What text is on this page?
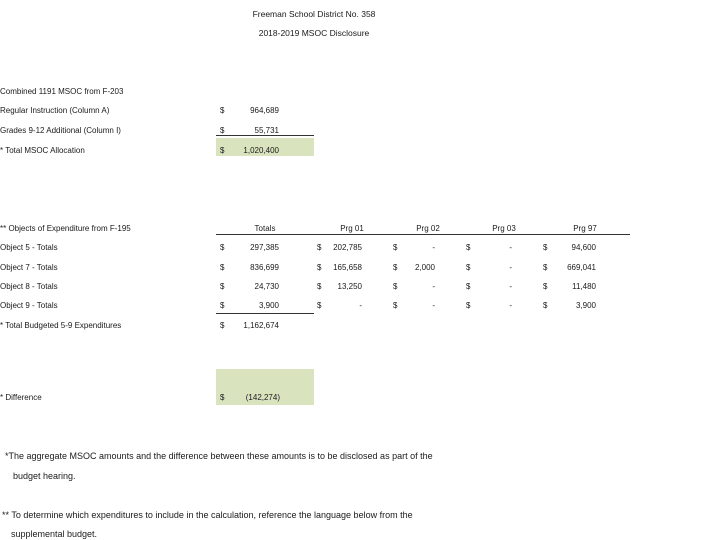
Freeman School District No. 358
2018-2019 MSOC Disclosure
Combined 1191 MSOC from F-203
Regular Instruction (Column A)	$	964,689
Grades 9-12 Additional (Column I)	$	55,731
* Total MSOC Allocation	$	1,020,400
** Objects of Expenditure from F-195	Totals	Prg 01	Prg 02	Prg 03	Prg 97
Object 5 - Totals	$	297,385	$	202,785	$	-	$	-	$	94,600
Object 7 - Totals	$	836,699	$	165,658	$	2,000	$	-	$	669,041
Object 8 - Totals	$	24,730	$	13,250	$	-	$	-	$	11,480
Object 9 - Totals	$	3,900	$	-	$	-	$	-	$	3,900
* Total Budgeted 5-9 Expenditures	$	1,162,674
* Difference	$	(142,274)
*The aggregate MSOC amounts and the difference between these amounts is to be disclosed as part of the
budget hearing.
** To determine which expenditures to include in the calculation, reference the language below from the
supplemental budget.
